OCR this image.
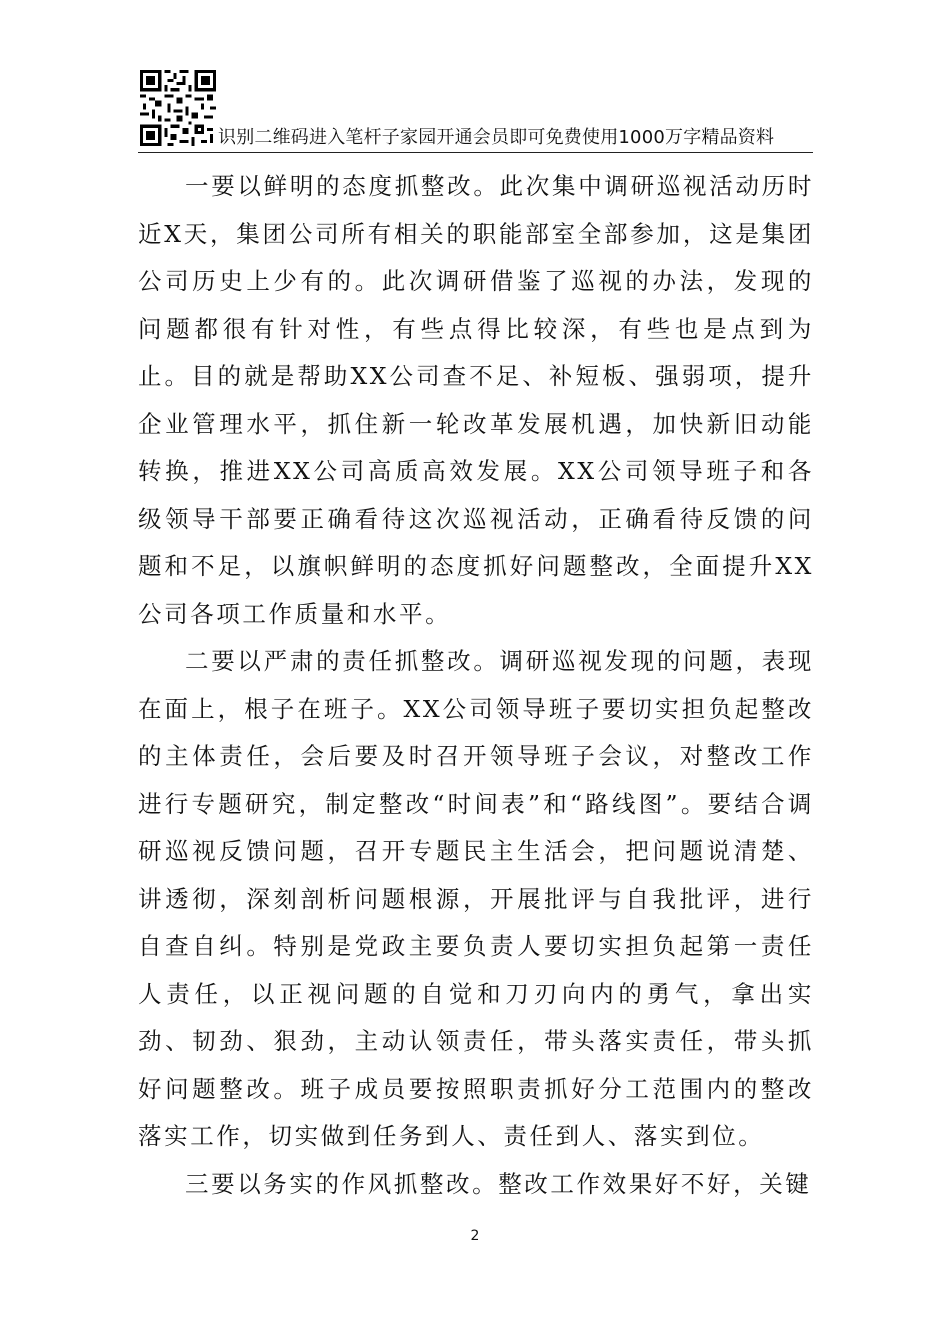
识别二维码进入笔杆子家园开通会员即可免费使用1000万字精品资料

一要以鲜明的态度抓整改。此次集中调研巡视活动历时近X天，集团公司所有相关的职能部室全部参加，这是集团公司历史上少有的。此次调研借鉴了巡视的办法，发现的问题都很有针对性，有些点得比较深，有些也是点到为止。目的就是帮助XX公司查不足、补短板、强弱项，提升企业管理水平，抓住新一轮改革发展机遇，加快新旧动能转换，推进XX公司高质高效发展。XX公司领导班子和各级领导干部要正确看待这次巡视活动，正确看待反馈的问题和不足，以旗帜鲜明的态度抓好问题整改，全面提升XX公司各项工作质量和水平。

二要以严肃的责任抓整改。调研巡视发现的问题，表现在面上，根子在班子。XX公司领导班子要切实担负起整改的主体责任，会后要及时召开领导班子会议，对整改工作进行专题研究，制定整改“时间表”和“路线图”。要结合调研巡视反馈问题，召开专题民主生活会，把问题说清楚、讲透彻，深刻剖析问题根源，开展批评与自我批评，进行自查自纠。特别是党政主要负责人要切实担负起第一责任人责任，以正视问题的自觉和刀刃向内的勇气，拿出实劲、韧劲、狠劲，主动认领责任，带头落实责任，带头抓好问题整改。班子成员要按照职责抓好分工范围内的整改落实工作，切实做到任务到人、责任到人、落实到位。

三要以务实的作风抓整改。整改工作效果好不好，关键

2
